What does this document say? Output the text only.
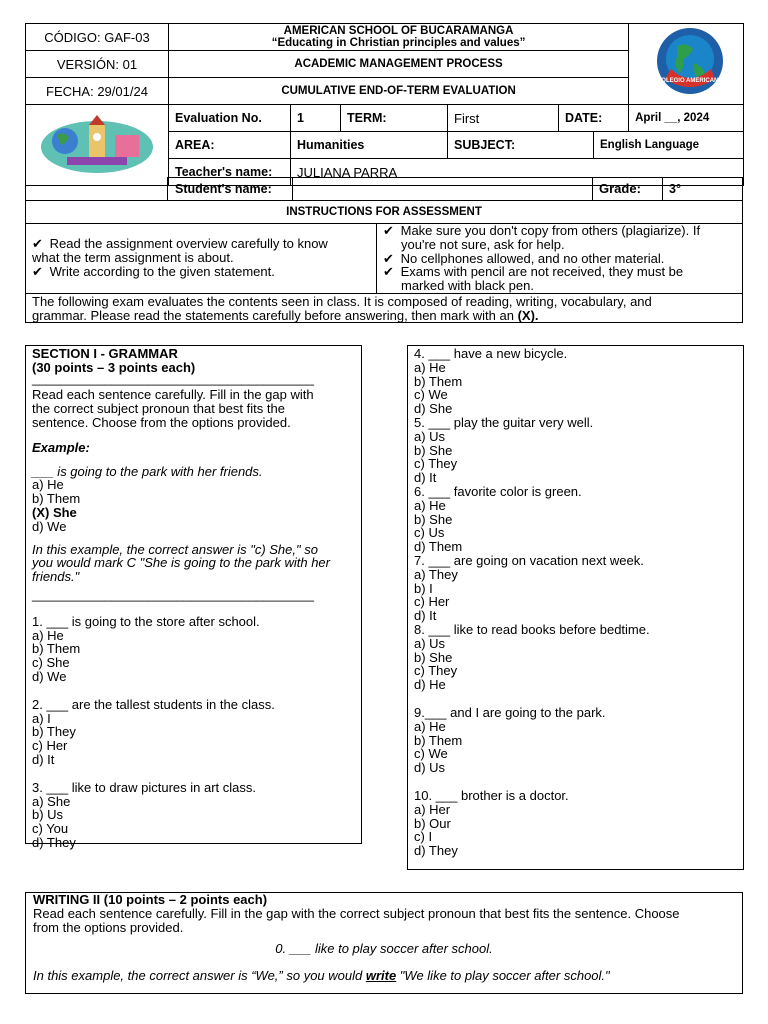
CÓDIGO: GAF-03	AMERICAN SCHOOL OF BUCARAMANGA
“Educating in Christian principles and values”						COLEGIO AMERICANO

VERSIÓN: 01	ACADEMIC MANAGEMENT PROCESS						
FECHA: 29/01/24	CUMULATIVE END-OF-TERM EVALUATION						
	Evaluation No.	1	TERM:	First	DATE:		April __, 2024
	AREA:	Humanities		SUBJECT:		English Language	
	Teacher's name:	JULIANA PARRA					

Student's name:	Grade:	3°
INSTRUCTIONS FOR ASSESSMENT
✔ Read the assignment overview carefully to know
what the term assignment is about.
✔ Write according to the given statement.
✔ Make sure you don't copy from others (plagiarize). If
you're not sure, ask for help.
✔ No cellphones allowed, and no other material.
✔ Exams with pencil are not received, they must be
marked with black pen.
The following exam evaluates the contents seen in class. It is composed of reading, writing, vocabulary, and
grammar. Please read the statements carefully before answering, then mark with an (X).
SECTION I - GRAMMAR
(30 points – 3 points each)
_______________________________________
Read each sentence carefully. Fill in the gap with
the correct subject pronoun that best fits the
sentence. Choose from the options provided.
Example:
___ is going to the park with her friends.
a) He
b) Them
(X) She
d) We
In this example, the correct answer is "c) She," so
you would mark C "She is going to the park with her
friends."
_______________________________________
1. ___ is going to the store after school.
a) He
b) Them
c) She
d) We
2. ___ are the tallest students in the class.
a) I
b) They
c) Her
d) It
3. ___ like to draw pictures in art class.
a) She
b) Us
c) You
d) They
4. ___ have a new bicycle.
a) He
b) Them
c) We
d) She
5. ___ play the guitar very well.
a) Us
b) She
c) They
d) It
6. ___ favorite color is green.
a) He
b) She
c) Us
d) Them
7. ___ are going on vacation next week.
a) They
b) I
c) Her
d) It
8. ___ like to read books before bedtime.
a) Us
b) She
c) They
d) He
9.___ and I are going to the park.
a) He
b) Them
c) We
d) Us
10. ___ brother is a doctor.
a) Her
b) Our
c) I
d) They
WRITING II (10 points – 2 points each)
Read each sentence carefully. Fill in the gap with the correct subject pronoun that best fits the sentence. Choose
from the options provided.
0. ___ like to play soccer after school.
In this example, the correct answer is “We,” so you would write "We like to play soccer after school."
